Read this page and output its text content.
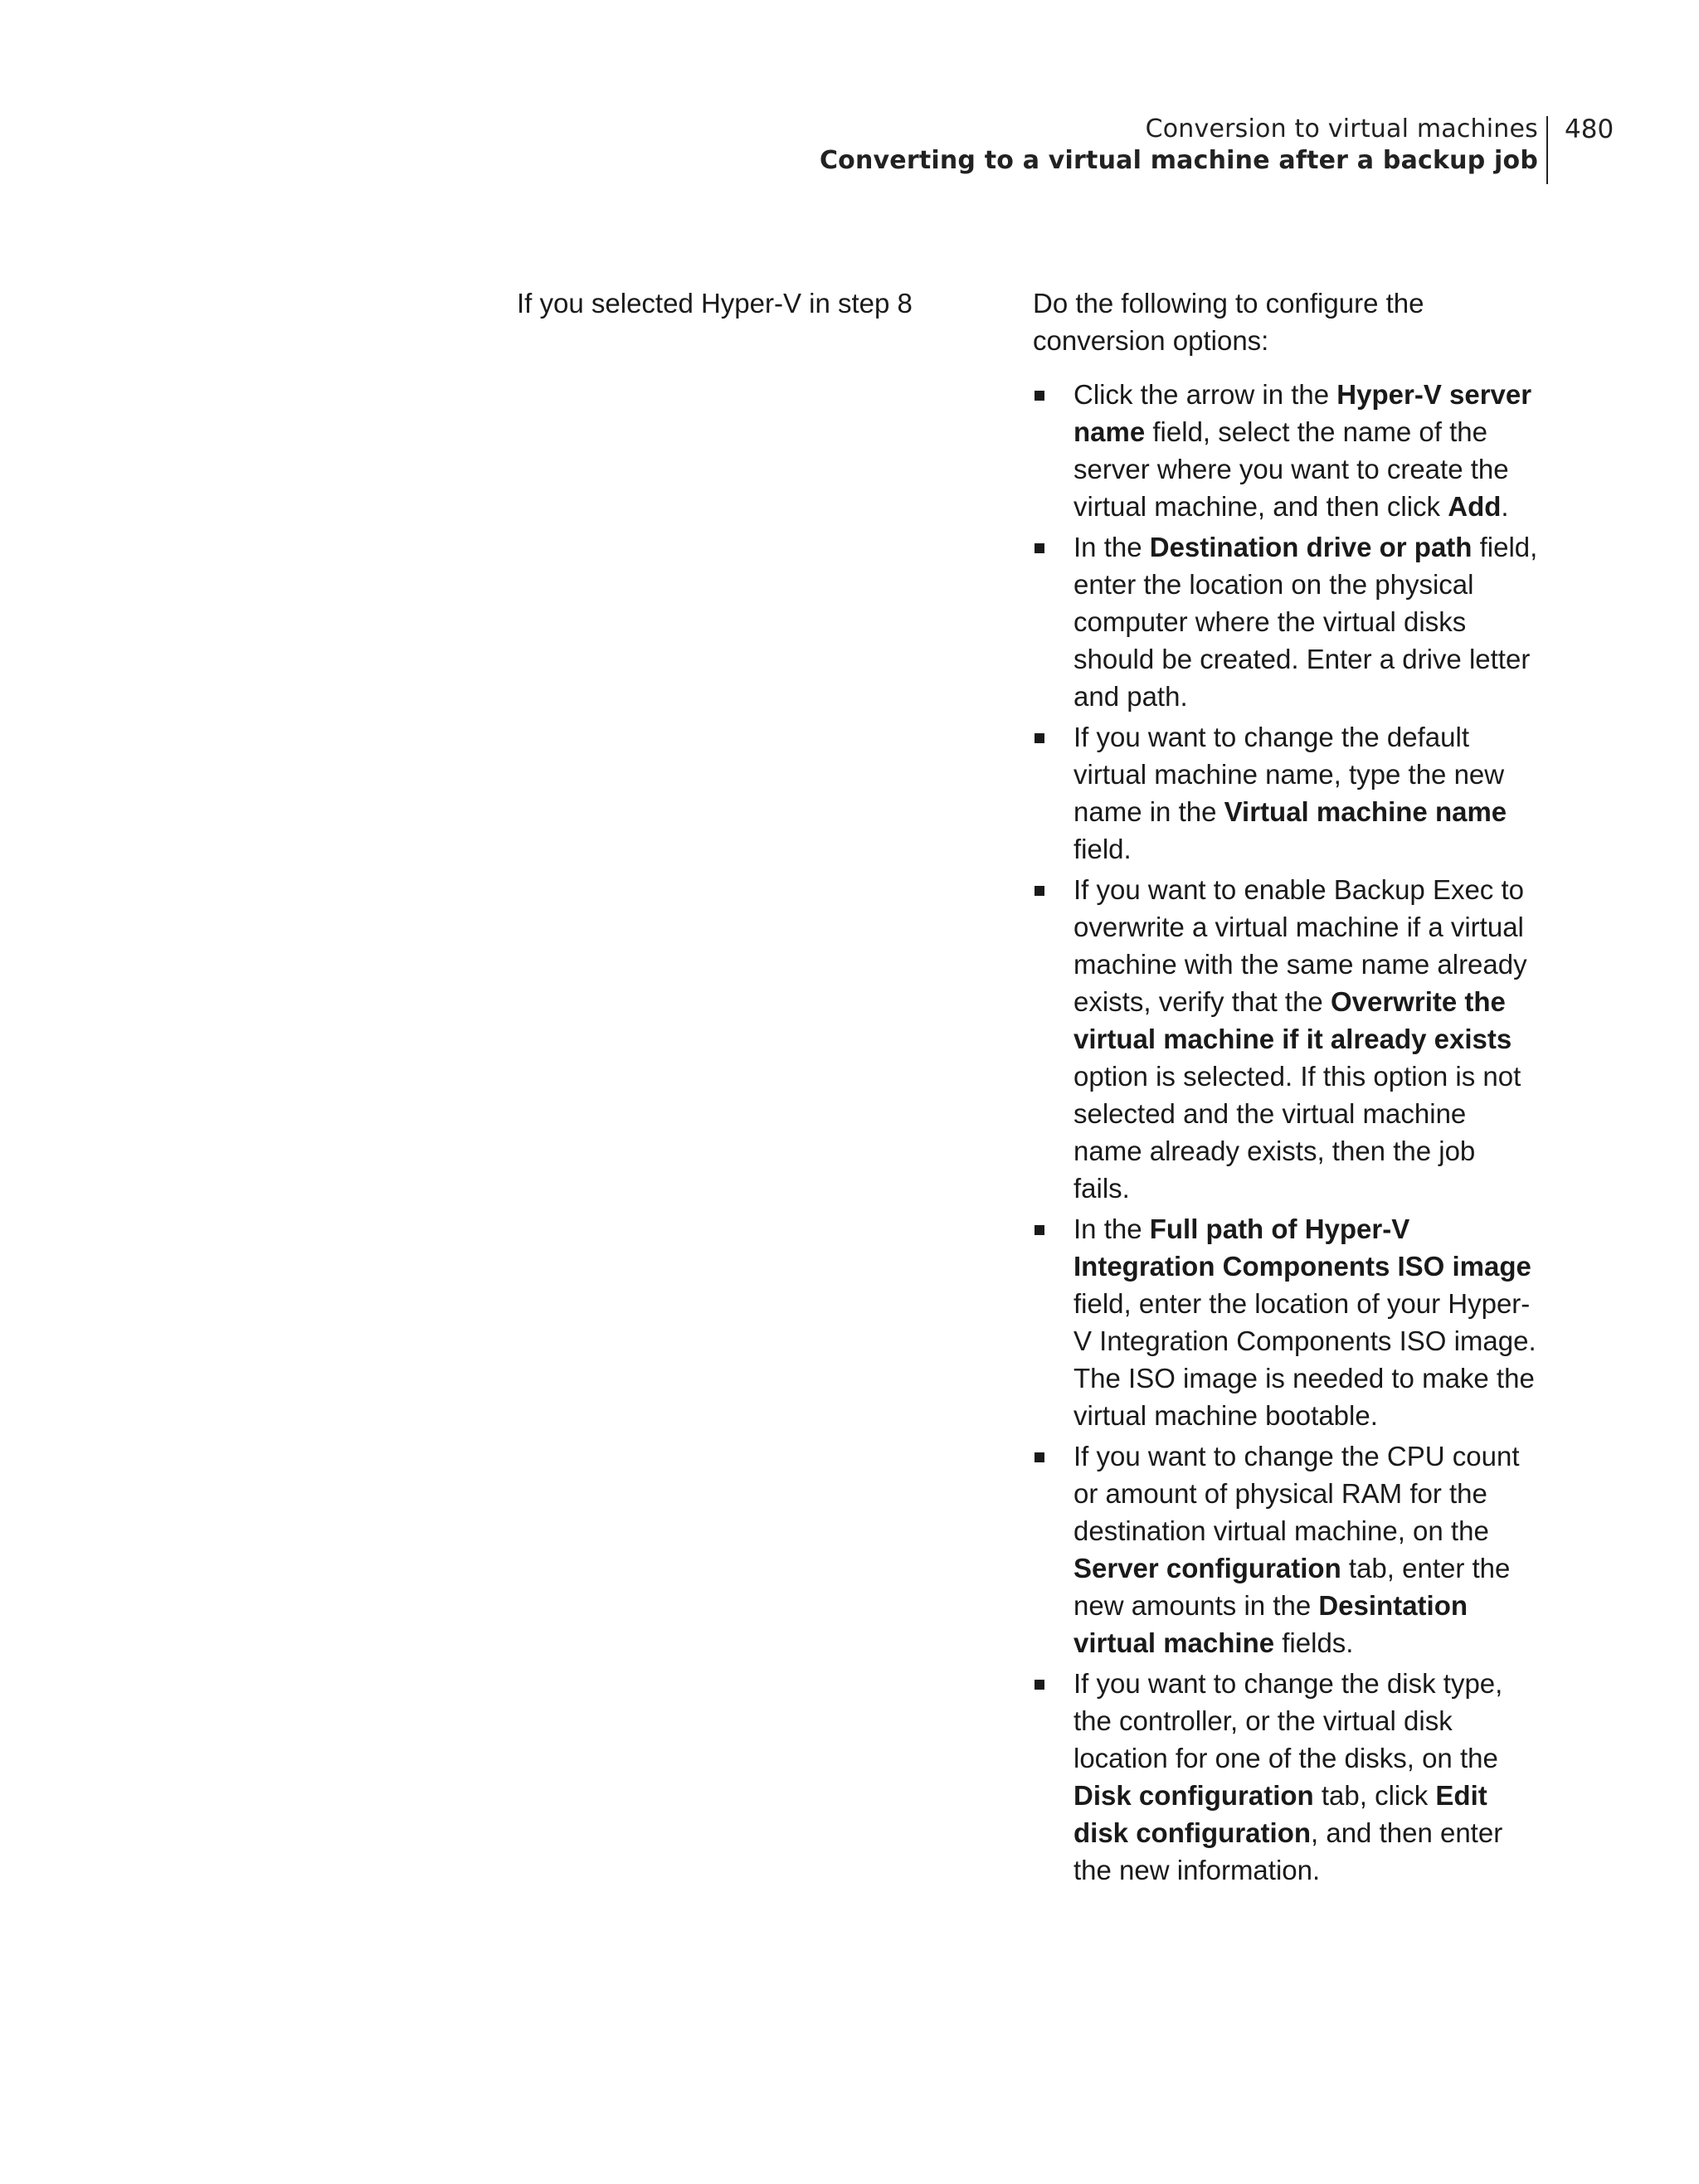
Conversion to virtual machines
Converting to a virtual machine after a backup job
480
If you selected Hyper-V in step 8	Do the following to configure the conversion options:

Click the arrow in the Hyper-V server name field, select the name of the server where you want to create the virtual machine, and then click Add.
In the Destination drive or path field, enter the location on the physical computer where the virtual disks should be created. Enter a drive letter and path.
If you want to change the default virtual machine name, type the new name in the Virtual machine name field.
If you want to enable Backup Exec to overwrite a virtual machine if a virtual machine with the same name already exists, verify that the Overwrite the virtual machine if it already exists option is selected. If this option is not selected and the virtual machine name already exists, then the job fails.
In the Full path of Hyper-V Integration Components ISO image field, enter the location of your Hyper-V Integration Components ISO image. The ISO image is needed to make the virtual machine bootable.
If you want to change the CPU count or amount of physical RAM for the destination virtual machine, on the Server configuration tab, enter the new amounts in the Desintation virtual machine fields.
If you want to change the disk type, the controller, or the virtual disk location for one of the disks, on the Disk configuration tab, click Edit disk configuration, and then enter the new information.
